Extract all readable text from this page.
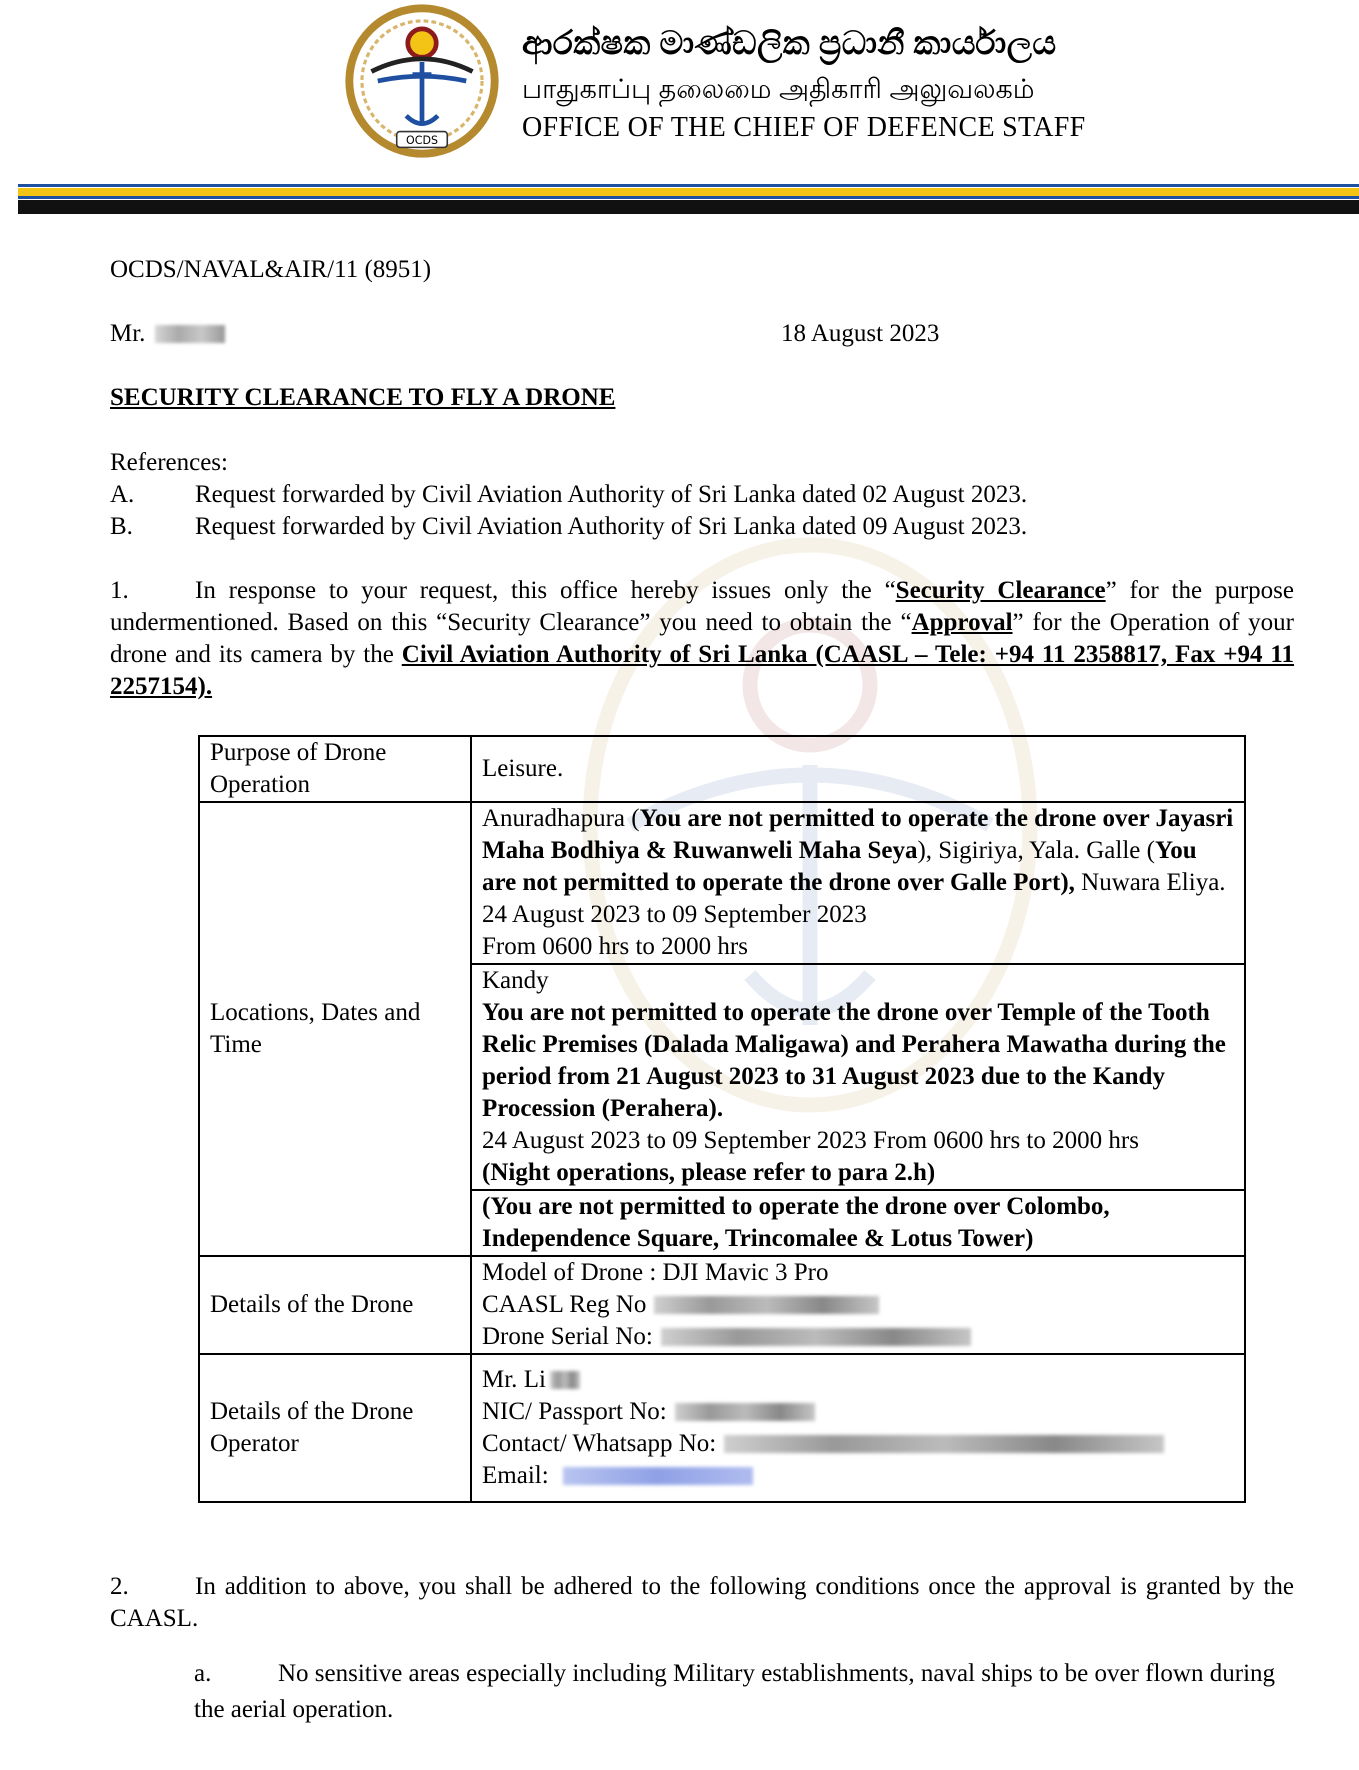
OCDS
ආරක්ෂක මාණ්ඩලික ප්‍රධානී කාර්යාලය
பாதுகாப்பு தலைமை அதிகாரி அலுவலகம்
OFFICE OF THE CHIEF OF DEFENCE STAFF
OCDS/NAVAL&AIR/11 (8951)
Mr.	18 August 2023
SECURITY CLEARANCE TO FLY A DRONE
References:
A. Request forwarded by Civil Aviation Authority of Sri Lanka dated 02 August 2023.
B. Request forwarded by Civil Aviation Authority of Sri Lanka dated 09 August 2023.
1.	In response to your request, this office hereby issues only the “Security Clearance” for the purpose undermentioned. Based on this “Security Clearance” you need to obtain the “Approval” for the Operation of your drone and its camera by the Civil Aviation Authority of Sri Lanka (CAASL – Tele: +94 11 2358817, Fax +94 11 2257154).
Purpose of Drone Operation	Leisure.
Locations, Dates and Time	Anuradhapura (You are not permitted to operate the drone over Jayasri Maha Bodhiya & Ruwanweli Maha Seya), Sigiriya, Yala. Galle (You are not permitted to operate the drone over Galle Port), Nuwara Eliya.
24 August 2023 to 09 September 2023
From 0600 hrs to 2000 hrs
	Kandy
You are not permitted to operate the drone over Temple of the Tooth Relic Premises (Dalada Maligawa) and Perahera Mawatha during the period from 21 August 2023 to 31 August 2023 due to the Kandy Procession (Perahera).
24 August 2023 to 09 September 2023 From 0600 hrs to 2000 hrs
(Night operations, please refer to para 2.h)
	(You are not permitted to operate the drone over Colombo, Independence Square, Trincomalee & Lotus Tower)
Details of the Drone	Model of Drone : DJI Mavic 3 Pro
CAASL Reg No
Drone Serial No:
Details of the Drone Operator	Mr. Li
NIC/ Passport No:
Contact/ Whatsapp No:
Email:
2.	In addition to above, you shall be adhered to the following conditions once the approval is granted by the CAASL.
a.	No sensitive areas especially including Military establishments, naval ships to be over flown during the aerial operation.
